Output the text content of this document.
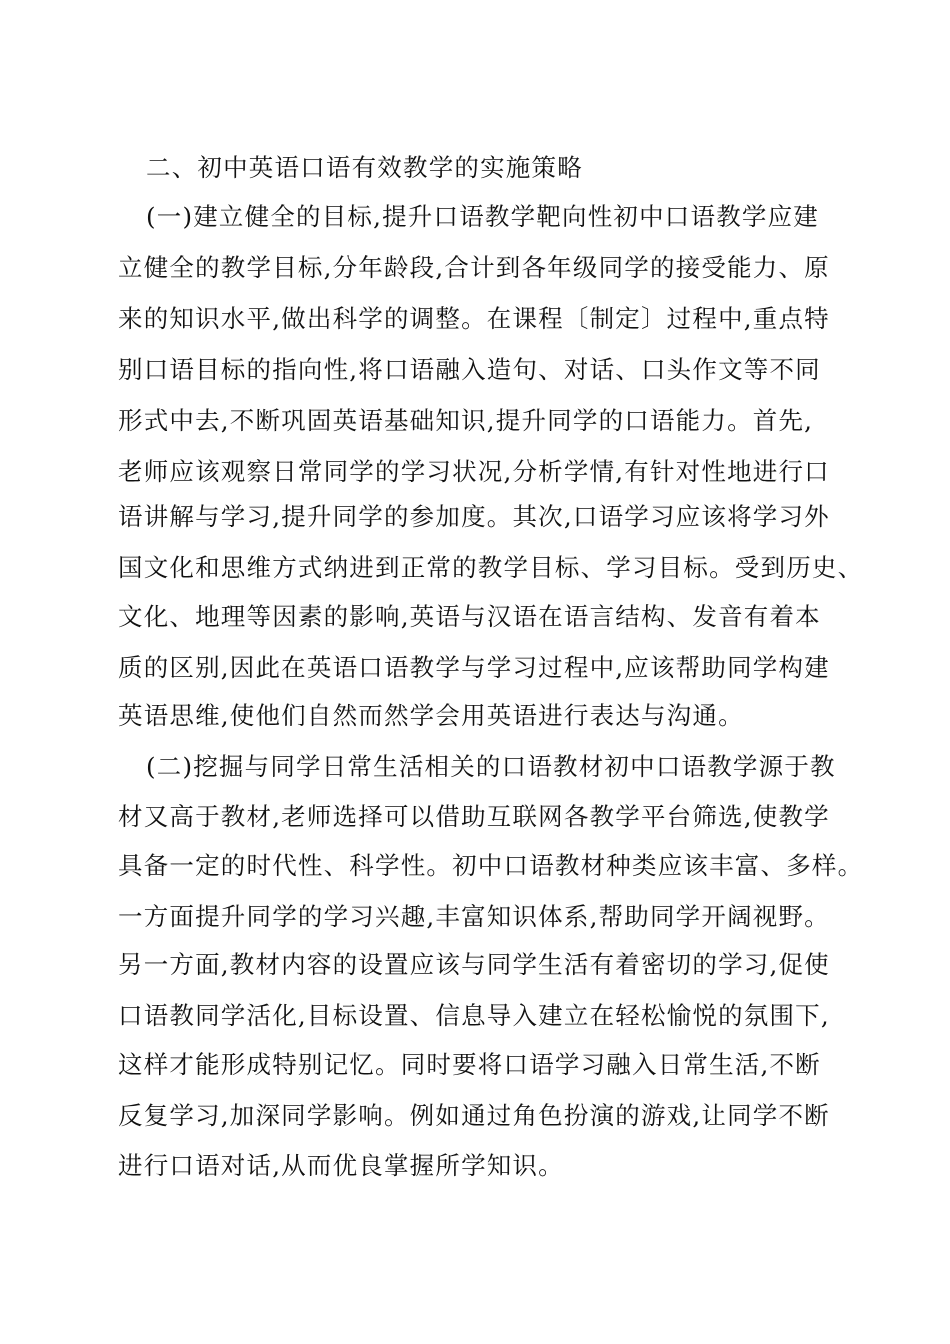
二、初中英语口语有效教学的实施策略
(一)建立健全的目标,提升口语教学靶向性初中口语教学应建
立健全的教学目标,分年龄段,合计到各年级同学的接受能力、原
来的知识水平,做出科学的调整。在课程〔制定〕过程中,重点特
别口语目标的指向性,将口语融入造句、对话、口头作文等不同
形式中去,不断巩固英语基础知识,提升同学的口语能力。首先,
老师应该观察日常同学的学习状况,分析学情,有针对性地进行口
语讲解与学习,提升同学的参加度。其次,口语学习应该将学习外
国文化和思维方式纳进到正常的教学目标、学习目标。受到历史、
文化、地理等因素的影响,英语与汉语在语言结构、发音有着本
质的区别,因此在英语口语教学与学习过程中,应该帮助同学构建
英语思维,使他们自然而然学会用英语进行表达与沟通。
(二)挖掘与同学日常生活相关的口语教材初中口语教学源于教
材又高于教材,老师选择可以借助互联网各教学平台筛选,使教学
具备一定的时代性、科学性。初中口语教材种类应该丰富、多样。
一方面提升同学的学习兴趣,丰富知识体系,帮助同学开阔视野。
另一方面,教材内容的设置应该与同学生活有着密切的学习,促使
口语教同学活化,目标设置、信息导入建立在轻松愉悦的氛围下,
这样才能形成特别记忆。同时要将口语学习融入日常生活,不断
反复学习,加深同学影响。例如通过角色扮演的游戏,让同学不断
进行口语对话,从而优良掌握所学知识。
